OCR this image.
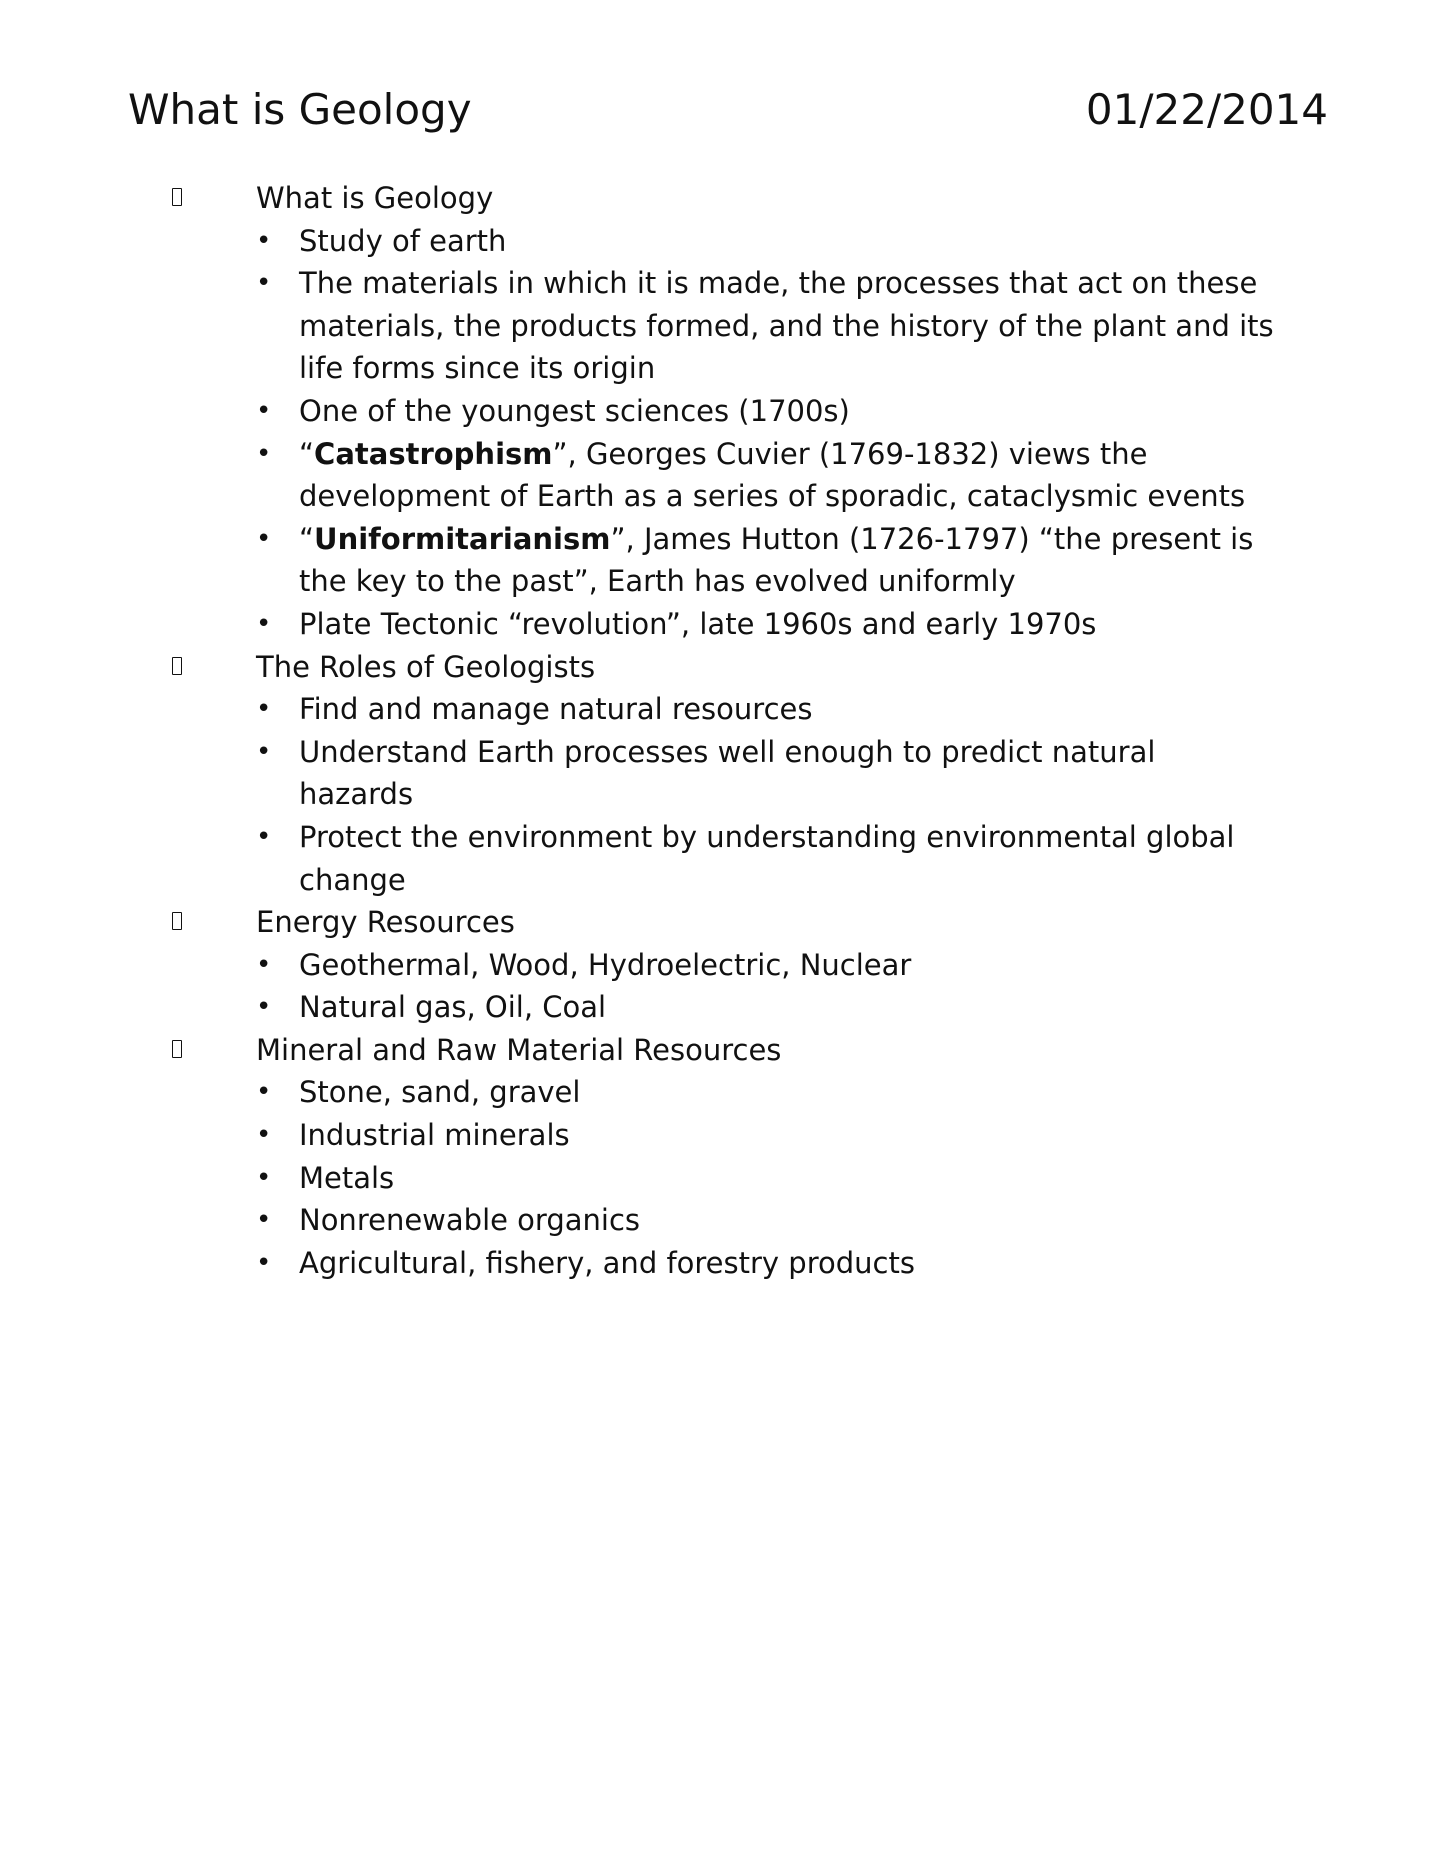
What is Geology	01/22/2014
What is Geology
• Study of earth
• The materials in which it is made, the processes that act on these materials, the products formed, and the history of the plant and its life forms since its origin
• One of the youngest sciences (1700s)
• “Catastrophism”, Georges Cuvier (1769-1832) views the development of Earth as a series of sporadic, cataclysmic events
• “Uniformitarianism”, James Hutton (1726-1797) “the present is the key to the past”, Earth has evolved uniformly
• Plate Tectonic “revolution”, late 1960s and early 1970s
The Roles of Geologists
• Find and manage natural resources
• Understand Earth processes well enough to predict natural hazards
• Protect the environment by understanding environmental global change
Energy Resources
• Geothermal, Wood, Hydroelectric, Nuclear
• Natural gas, Oil, Coal
Mineral and Raw Material Resources
• Stone, sand, gravel
• Industrial minerals
• Metals
• Nonrenewable organics
• Agricultural, fishery, and forestry products
